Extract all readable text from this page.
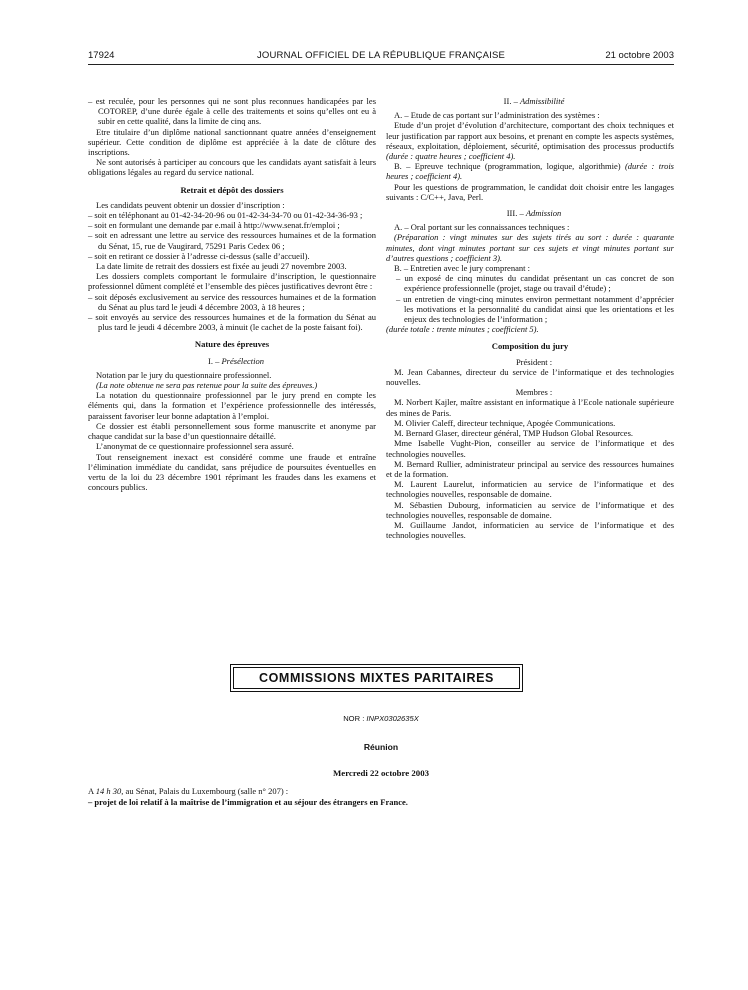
17924	JOURNAL OFFICIEL DE LA RÉPUBLIQUE FRANÇAISE	21 octobre 2003

– est reculée, pour les personnes qui ne sont plus reconnues handicapées par les COTOREP, d’une durée égale à celle des traitements et soins qu’elles ont eu à subir en cette qualité, dans la limite de cinq ans.

Etre titulaire d’un diplôme national sanctionnant quatre années d’enseignement supérieur. Cette condition de diplôme est appréciée à la date de clôture des inscriptions.

Ne sont autorisés à participer au concours que les candidats ayant satisfait à leurs obligations légales au regard du service national.

Retrait et dépôt des dossiers

Les candidats peuvent obtenir un dossier d’inscription :

– soit en téléphonant au 01-42-34-20-96 ou 01-42-34-34-70 ou 01-42-34-36-93 ;

– soit en formulant une demande par e.mail à http://www.senat.fr/emploi ;

– soit en adressant une lettre au service des ressources humaines et de la formation du Sénat, 15, rue de Vaugirard, 75291 Paris Cedex 06 ;

– soit en retirant ce dossier à l’adresse ci-dessus (salle d’accueil).

La date limite de retrait des dossiers est fixée au jeudi 27 novembre 2003.

Les dossiers complets comportant le formulaire d’inscription, le questionnaire professionnel dûment complété et l’ensemble des pièces justificatives devront être :

– soit déposés exclusivement au service des ressources humaines et de la formation du Sénat au plus tard le jeudi 4 décembre 2003, à 18 heures ;

– soit envoyés au service des ressources humaines et de la formation du Sénat au plus tard le jeudi 4 décembre 2003, à minuit (le cachet de la poste faisant foi).

Nature des épreuves

I. – Présélection

Notation par le jury du questionnaire professionnel.

(La note obtenue ne sera pas retenue pour la suite des épreuves.)

La notation du questionnaire professionnel par le jury prend en compte les éléments qui, dans la formation et l’expérience professionnelle des intéressés, paraissent favoriser leur bonne adaptation à l’emploi.

Ce dossier est établi personnellement sous forme manuscrite et anonyme par chaque candidat sur la base d’un questionnaire détaillé.

L’anonymat de ce questionnaire professionnel sera assuré.

Tout renseignement inexact est considéré comme une fraude et entraîne l’élimination immédiate du candidat, sans préjudice de poursuites éventuelles en vertu de la loi du 23 décembre 1901 réprimant les fraudes dans les examens et concours publics.

II. – Admissibilité

A. – Etude de cas portant sur l’administration des systèmes :

Etude d’un projet d’évolution d’architecture, comportant des choix techniques et leur justification par rapport aux besoins, et prenant en compte les aspects systèmes, réseaux, exploitation, déploiement, sécurité, optimisation des processus productifs (durée : quatre heures ; coefficient 4).

B. – Epreuve technique (programmation, logique, algorithmie) (durée : trois heures ; coefficient 4).

Pour les questions de programmation, le candidat doit choisir entre les langages suivants : C/C++, Java, Perl.

III. – Admission

A. – Oral portant sur les connaissances techniques :

(Préparation : vingt minutes sur des sujets tirés au sort : durée : quarante minutes, dont vingt minutes portant sur ces sujets et vingt minutes portant sur d’autres questions ; coefficient 3).

B. – Entretien avec le jury comprenant :

– un exposé de cinq minutes du candidat présentant un cas concret de son expérience professionnelle (projet, stage ou travail d’étude) ;

– un entretien de vingt-cinq minutes environ permettant notamment d’apprécier les motivations et la personnalité du candidat ainsi que les orientations et les enjeux des technologies de l’information ;

(durée totale : trente minutes ; coefficient 5).

Composition du jury

Président :

M. Jean Cabannes, directeur du service de l’informatique et des technologies nouvelles.

Membres :

M. Norbert Kajler, maître assistant en informatique à l’Ecole nationale supérieure des mines de Paris.

M. Olivier Caleff, directeur technique, Apogée Communications.

M. Bernard Glaser, directeur général, TMP Hudson Global Resources.

Mme Isabelle Vught-Pion, conseiller au service de l’informatique et des technologies nouvelles.

M. Bernard Rullier, administrateur principal au service des ressources humaines et de la formation.

M. Laurent Laurelut, informaticien au service de l’informatique et des technologies nouvelles, responsable de domaine.

M. Sébastien Dubourg, informaticien au service de l’informatique et des technologies nouvelles, responsable de domaine.

M. Guillaume Jandot, informaticien au service de l’informatique et des technologies nouvelles.

COMMISSIONS MIXTES PARITAIRES
NOR : INPX0302635X
Réunion
Mercredi 22 octobre 2003
A 14 h 30, au Sénat, Palais du Luxembourg (salle n° 207) :
– projet de loi relatif à la maîtrise de l’immigration et au séjour des étrangers en France.
